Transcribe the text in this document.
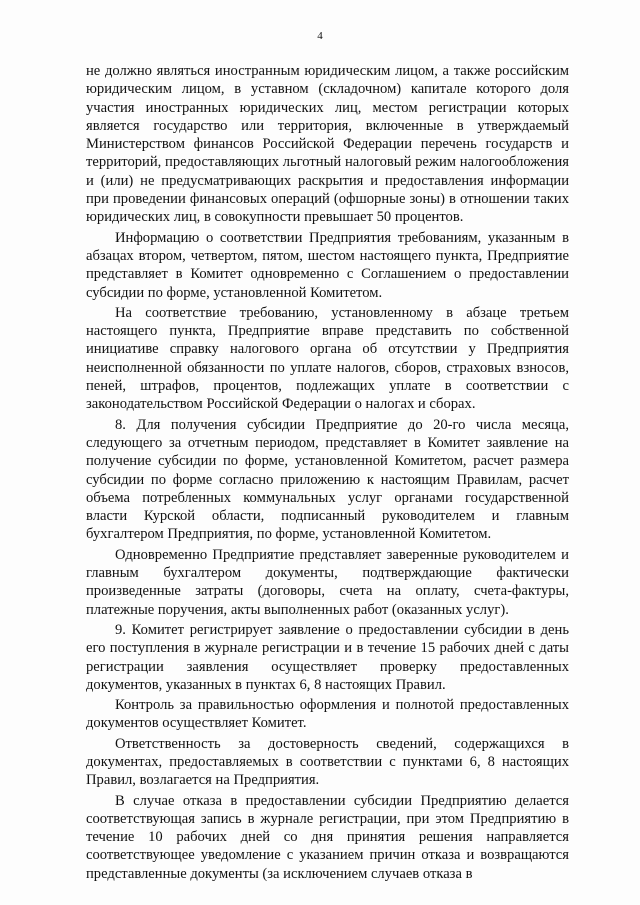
4

не должно являться иностранным юридическим лицом, а также российским юридическим лицом, в уставном (складочном) капитале которого доля участия иностранных юридических лиц, местом регистрации которых является государство или территория, включенные в утверждаемый Министерством финансов Российской Федерации перечень государств и территорий, предоставляющих льготный налоговый режим налогообложения и (или) не предусматривающих раскрытия и предоставления информации при проведении финансовых операций (офшорные зоны) в отношении таких юридических лиц, в совокупности превышает 50 процентов.

Информацию о соответствии Предприятия требованиям, указанным в абзацах втором, четвертом, пятом, шестом настоящего пункта, Предприятие представляет в Комитет одновременно с Соглашением о предоставлении субсидии по форме, установленной Комитетом.

На соответствие требованию, установленному в абзаце третьем настоящего пункта, Предприятие вправе представить по собственной инициативе справку налогового органа об отсутствии у Предприятия неисполненной обязанности по уплате налогов, сборов, страховых взносов, пеней, штрафов, процентов, подлежащих уплате в соответствии с законодательством Российской Федерации о налогах и сборах.

8. Для получения субсидии Предприятие до 20-го числа месяца, следующего за отчетным периодом, представляет в Комитет заявление на получение субсидии по форме, установленной Комитетом, расчет размера субсидии по форме согласно приложению к настоящим Правилам, расчет объема потребленных коммунальных услуг органами государственной власти Курской области, подписанный руководителем и главным бухгалтером Предприятия, по форме, установленной Комитетом.

Одновременно Предприятие представляет заверенные руководителем и главным бухгалтером документы, подтверждающие фактически произведенные затраты (договоры, счета на оплату, счета-фактуры, платежные поручения, акты выполненных работ (оказанных услуг).

9. Комитет регистрирует заявление о предоставлении субсидии в день его поступления в журнале регистрации и в течение 15 рабочих дней с даты регистрации заявления осуществляет проверку предоставленных документов, указанных в пунктах 6, 8 настоящих Правил.

Контроль за правильностью оформления и полнотой предоставленных документов осуществляет Комитет.

Ответственность за достоверность сведений, содержащихся в документах, предоставляемых в соответствии с пунктами 6, 8 настоящих Правил, возлагается на Предприятия.

В случае отказа в предоставлении субсидии Предприятию делается соответствующая запись в журнале регистрации, при этом Предприятию в течение 10 рабочих дней со дня принятия решения направляется соответствующее уведомление с указанием причин отказа и возвращаются представленные документы (за исключением случаев отказа в
